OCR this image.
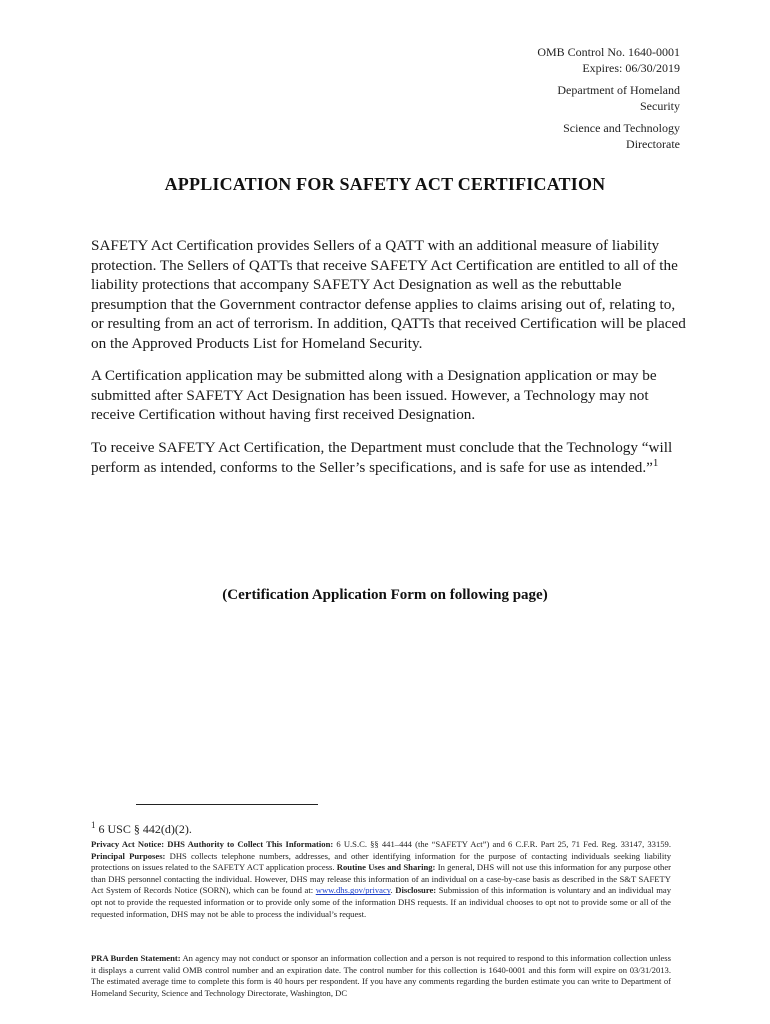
OMB Control No. 1640-0001
Expires: 06/30/2019
Department of Homeland
Security
Science and Technology
Directorate
APPLICATION FOR SAFETY ACT CERTIFICATION

SAFETY Act Certification provides Sellers of a QATT with an additional measure of liability protection. The Sellers of QATTs that receive SAFETY Act Certification are entitled to all of the liability protections that accompany SAFETY Act Designation as well as the rebuttable presumption that the Government contractor defense applies to claims arising out of, relating to, or resulting from an act of terrorism. In addition, QATTs that received Certification will be placed on the Approved Products List for Homeland Security.

A Certification application may be submitted along with a Designation application or may be submitted after SAFETY Act Designation has been issued. However, a Technology may not receive Certification without having first received Designation.

To receive SAFETY Act Certification, the Department must conclude that the Technology “will perform as intended, conforms to the Seller’s specifications, and is safe for use as intended.”$^1$

(Certification Application Form on following page)
$^1$ 6 USC § 442(d)(2).
Privacy Act Notice: DHS Authority to Collect This Information: 6 U.S.C. §§ 441–444 (the “SAFETY Act”) and 6 C.F.R. Part 25, 71 Fed. Reg. 33147, 33159. Principal Purposes: DHS collects telephone numbers, addresses, and other identifying information for the purpose of contacting individuals seeking liability protections on issues related to the SAFETY ACT application process. Routine Uses and Sharing: In general, DHS will not use this information for any purpose other than DHS personnel contacting the individual. However, DHS may release this information of an individual on a case-by-case basis as described in the S&T SAFETY Act System of Records Notice (SORN), which can be found at: www.dhs.gov/privacy. Disclosure: Submission of this information is voluntary and an individual may opt not to provide the requested information or to provide only some of the information DHS requests. If an individual chooses to opt not to provide some or all of the requested information, DHS may not be able to process the individual’s request.
PRA Burden Statement: An agency may not conduct or sponsor an information collection and a person is not required to respond to this information collection unless it displays a current valid OMB control number and an expiration date. The control number for this collection is 1640-0001 and this form will expire on 03/31/2013. The estimated average time to complete this form is 40 hours per respondent. If you have any comments regarding the burden estimate you can write to Department of Homeland Security, Science and Technology Directorate, Washington, DC
